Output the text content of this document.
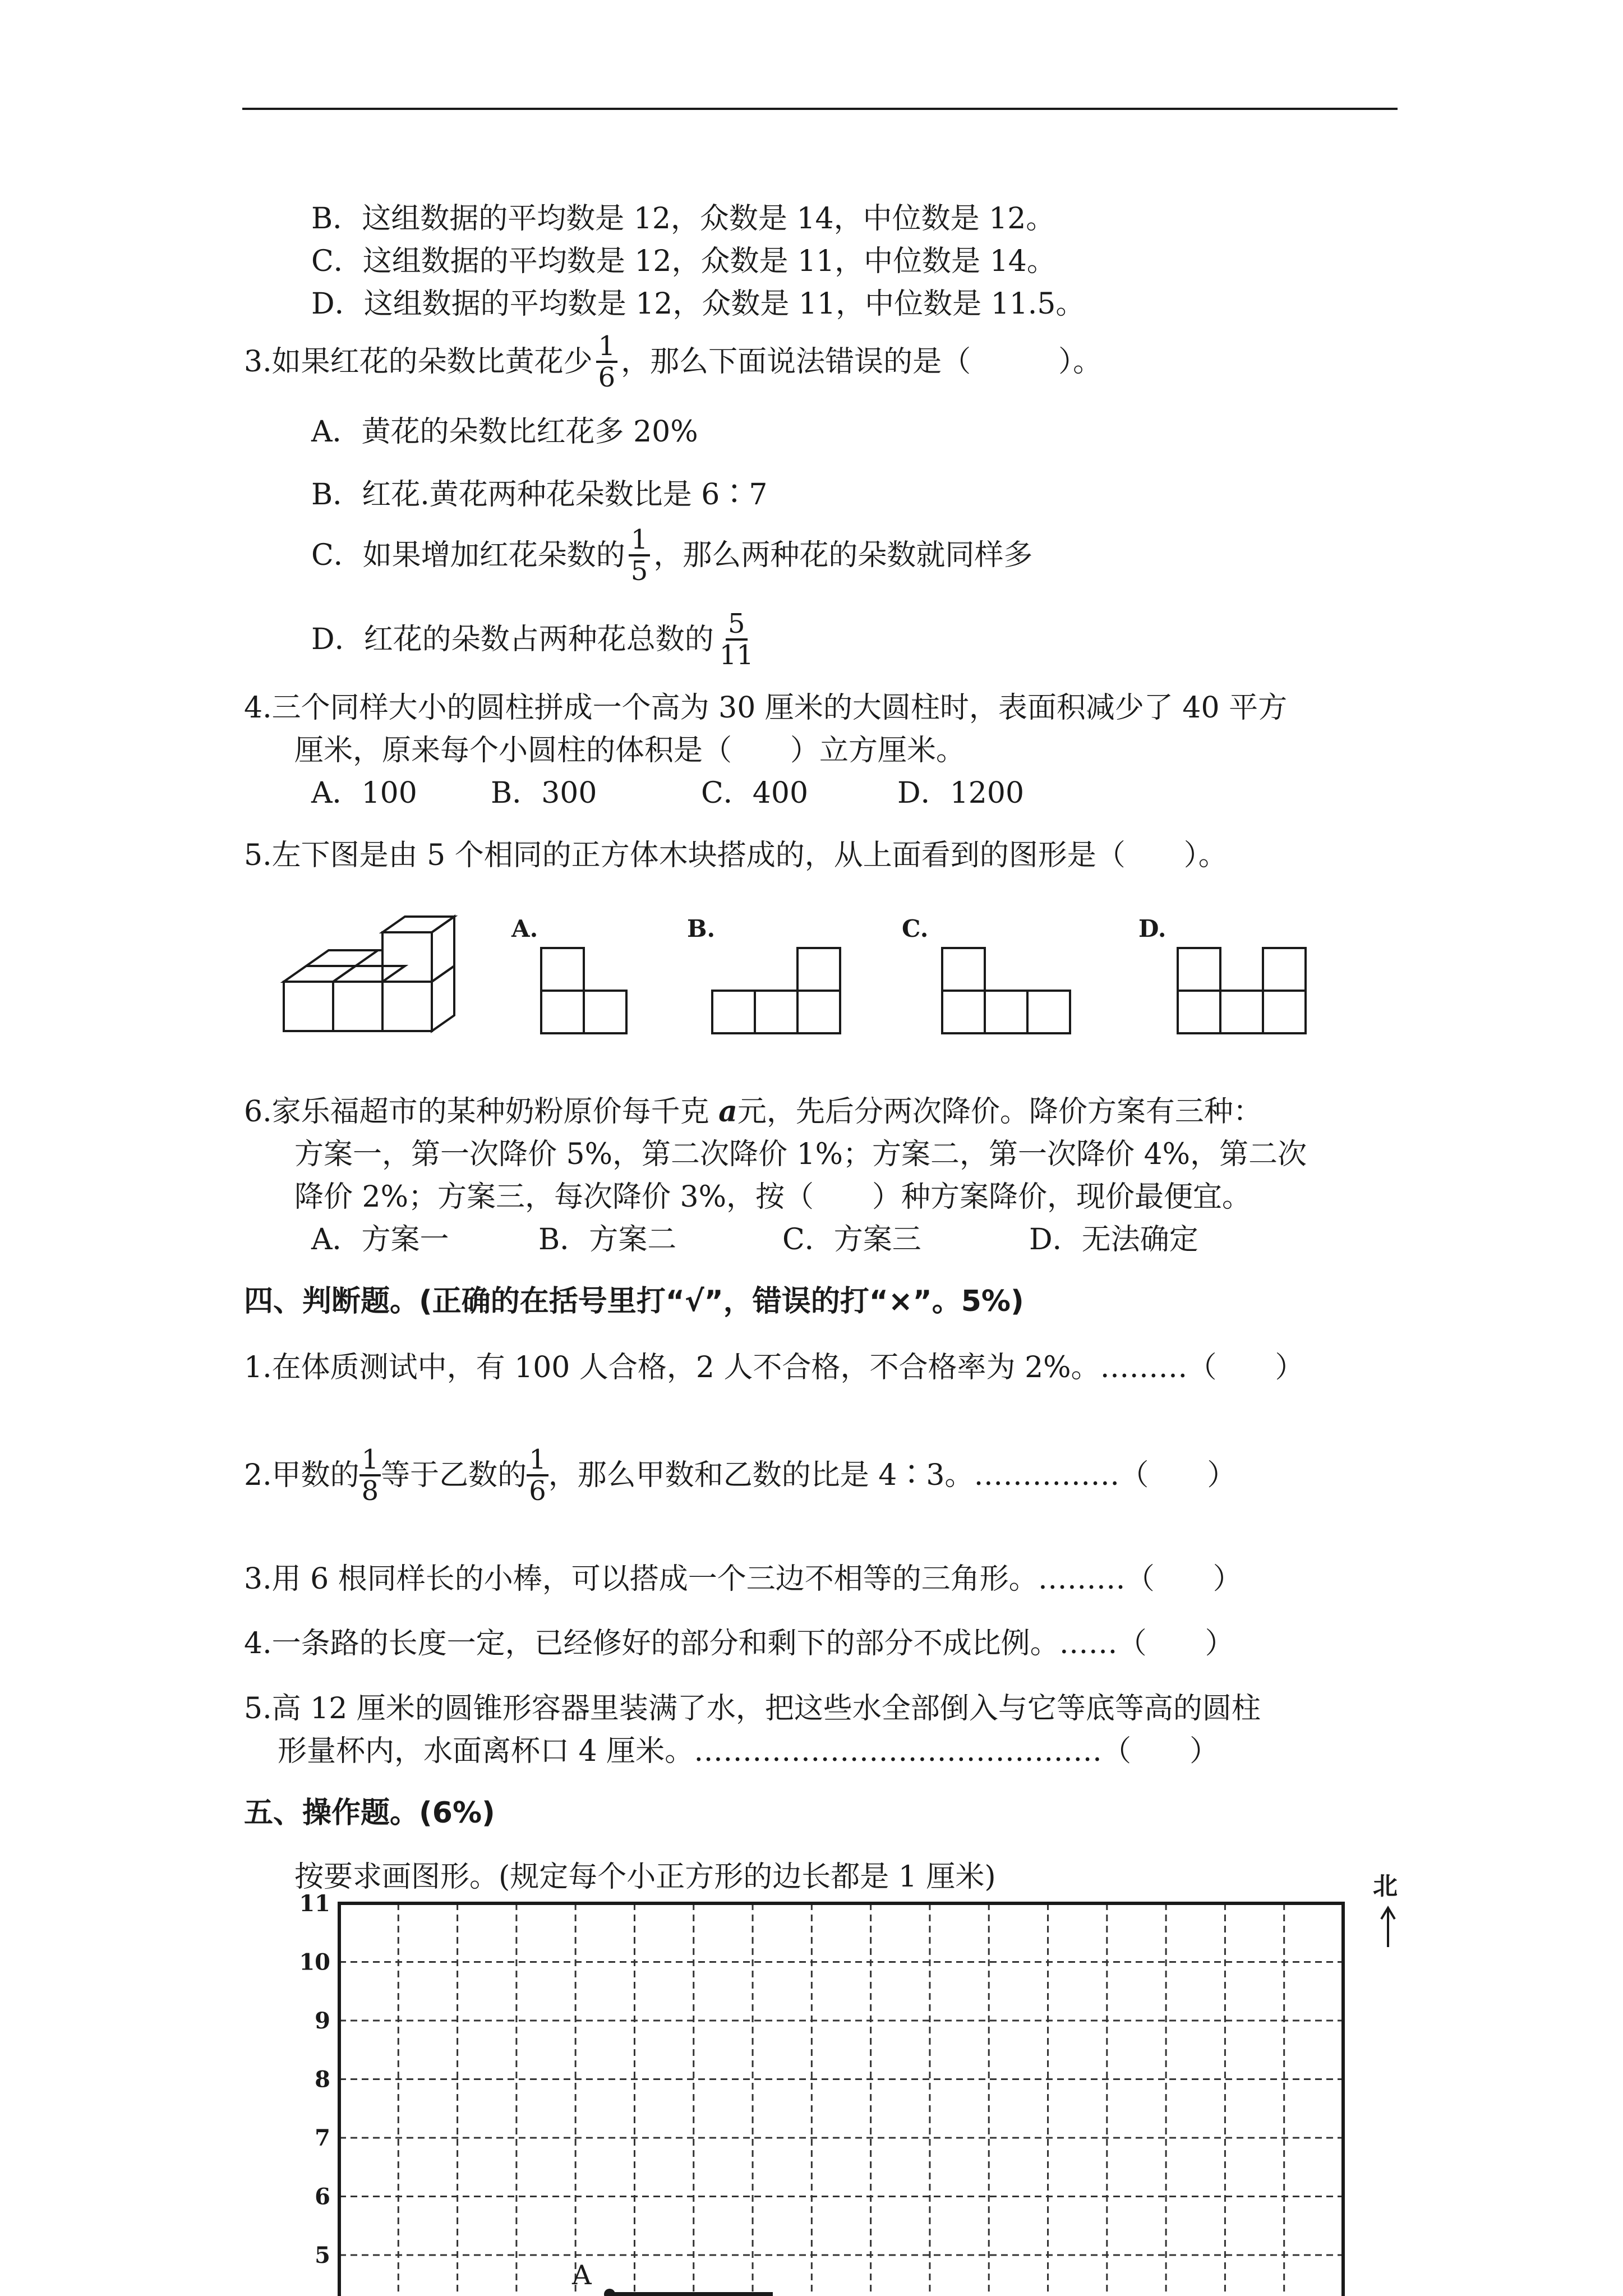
B．这组数据的平均数是 12，众数是 14，中位数是 12。
C．这组数据的平均数是 12，众数是 11，中位数是 14。
D．这组数据的平均数是 12，众数是 11，中位数是 11.5。
3.如果红花的朵数比黄花少 $\frac{1}{6}$ ，那么下面说法错误的是（　　　）。
A．黄花的朵数比红花多 20%
B．红花.黄花两种花朵数比是 6∶7
C．如果增加红花朵数的 $\frac{1}{5}$ ，那么两种花的朵数就同样多
D．红花的朵数占两种花总数的 $\frac{5}{11}$
4.三个同样大小的圆柱拼成一个高为 30 厘米的大圆柱时，表面积减少了 40 平方
厘米，原来每个小圆柱的体积是（　　）立方厘米。
A．100	B．300	C．400	D．1200
5.左下图是由 5 个相同的正方体木块搭成的，从上面看到的图形是（　　）。
A.	B.	C.	D.
6.家乐福超市的某种奶粉原价每千克 a元，先后分两次降价。降价方案有三种：
方案一，第一次降价 5%，第二次降价 1%；方案二，第一次降价 4%，第二次
降价 2%；方案三，每次降价 3%，按（　　）种方案降价，现价最便宜。
A．方案一	B．方案二	C．方案三	D．无法确定
四、判断题。(正确的在括号里打“√”，错误的打“×”。5%)
1.在体质测试中，有 100 人合格，2 人不合格，不合格率为 2%。………（　　）
2.甲数的 $\frac{1}{8}$ 等于乙数的 $\frac{1}{6}$ ，那么甲数和乙数的比是 4∶3。……………（　　）
3.用 6 根同样长的小棒，可以搭成一个三边不相等的三角形。………（　　）
4.一条路的长度一定，已经修好的部分和剩下的部分不成比例。……（　　）
5.高 12 厘米的圆锥形容器里装满了水，把这些水全部倒入与它等底等高的圆柱
形量杯内，水面离杯口 4 厘米。……………………………………（　　）
五、操作题。(6%)
按要求画图形。(规定每个小正方形的边长都是 1 厘米)	北
11
10
9
8
7
6
5
A
